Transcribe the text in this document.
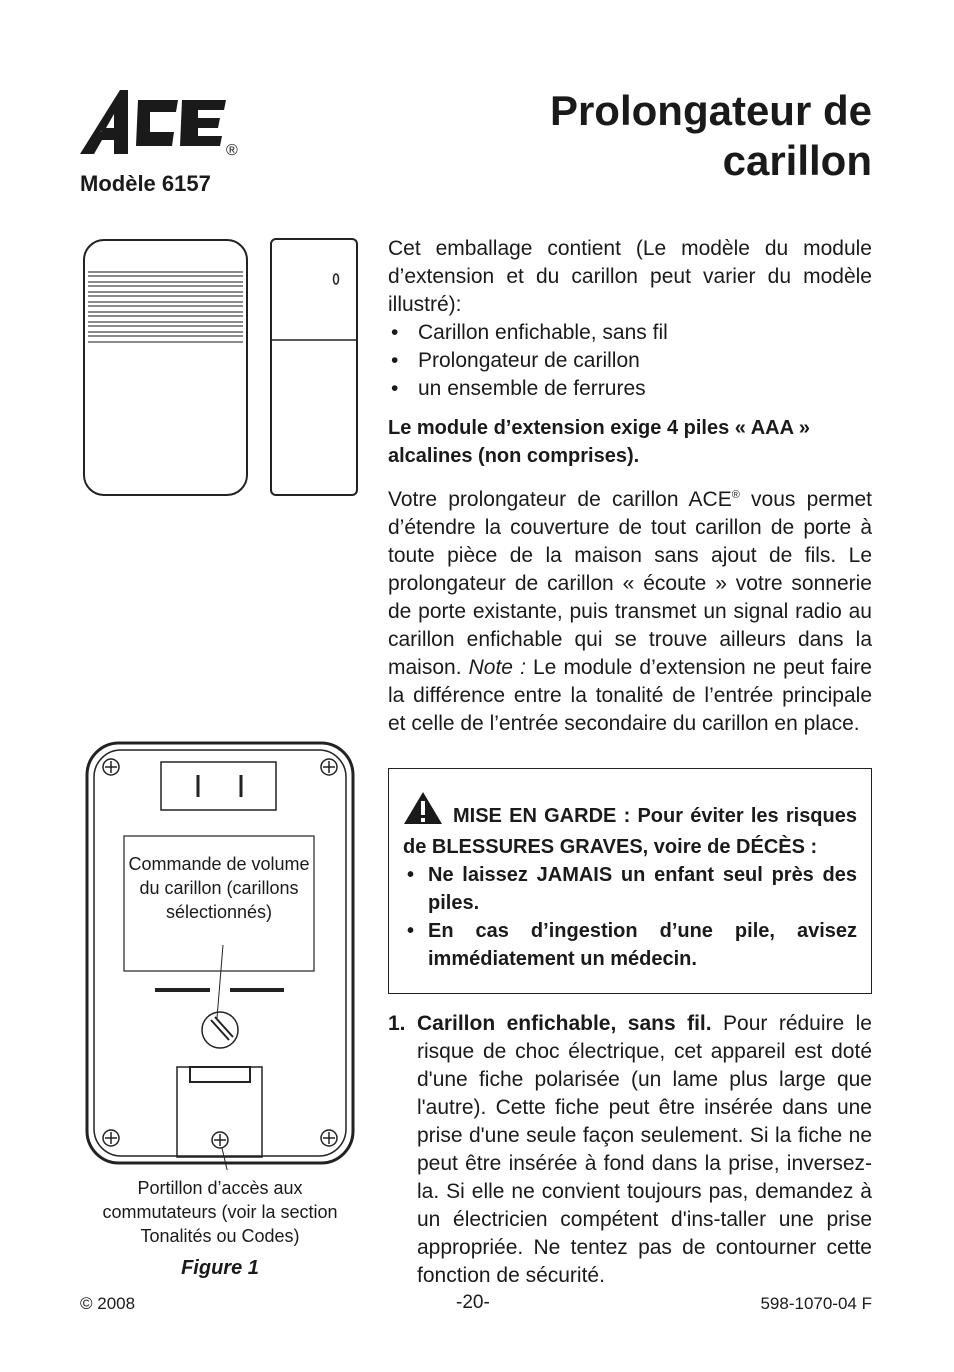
ACE
®
Modèle 6157
Prolongateur de
carillon

Cet emballage contient (Le modèle du module d’extension et du carillon peut varier du modèle illustré):

• Carillon enfichable, sans fil
• Prolongateur de carillon
• un ensemble de ferrures
Le module d’extension exige 4 piles « AAA » alcalines (non comprises).

Votre prolongateur de carillon ACE® vous permet d’étendre la couverture de tout carillon de porte à toute pièce de la maison sans ajout de fils. Le prolongateur de carillon « écoute » votre sonnerie de porte existante, puis transmet un signal radio au carillon enfichable qui se trouve ailleurs dans la maison. Note : Le module d’extension ne peut faire la différence entre la tonalité de l’entrée principale et celle de l’entrée secondaire du carillon en place.

MISE EN GARDE : Pour éviter les risques de BLESSURES GRAVES, voire de DÉCÈS :
• Ne laissez JAMAIS un enfant seul près des piles.
• En cas d’ingestion d’une pile, avisez immédiatement un médecin.
1. Carillon enfichable, sans fil. Pour réduire le risque de choc électrique, cet appareil est doté d'une fiche polarisée (un lame plus large que l'autre). Cette fiche peut être insérée dans une prise d'une seule façon seulement. Si la fiche ne peut être insérée à fond dans la prise, inversez-la. Si elle ne convient toujours pas, demandez à un électricien compétent d'ins-taller une prise appropriée. Ne tentez pas de contourner cette fonction de sécurité.
Commande de volume du carillon (carillons sélectionnés)
Portillon d’accès aux commutateurs (voir la section Tonalités ou Codes)
Figure 1
© 2008	-20-	598-1070-04 F
